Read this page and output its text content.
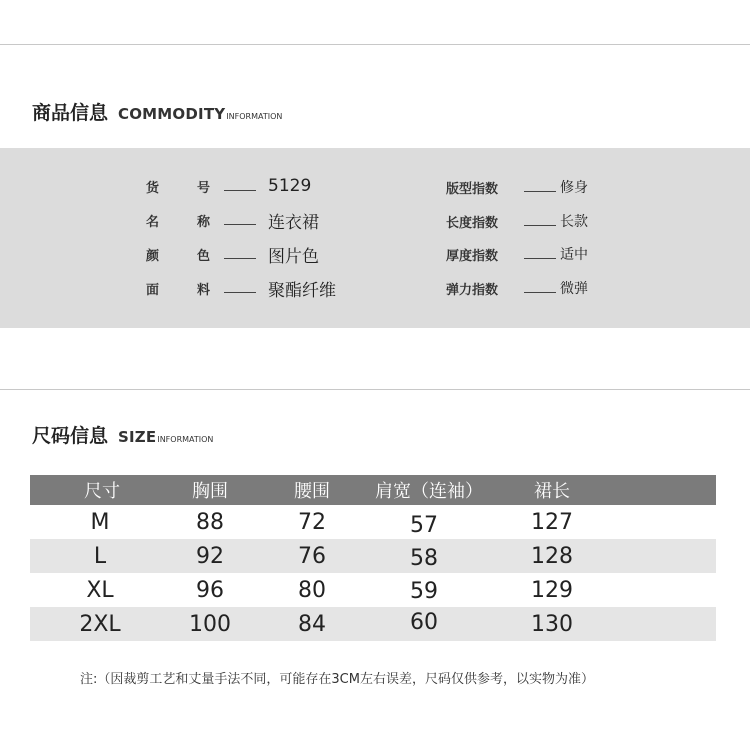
商品信息 COMMODITY INFORMATION
货	号	5129
名	称	连衣裙
颜	色	图片色
面	料	聚酯纤维
版型指数	修身
长度指数	长款
厚度指数	适中
弹力指数	微弹
尺码信息 SIZE INFORMATION
尺寸	胸围	腰围	肩宽（连袖）	裙长
M	88	72	57	127
L	92	76	58	128
XL	96	80	59	129
2XL	100	84	60	130
注:（因裁剪工艺和丈量手法不同，可能存在3CM左右误差，尺码仅供参考，以实物为准）
